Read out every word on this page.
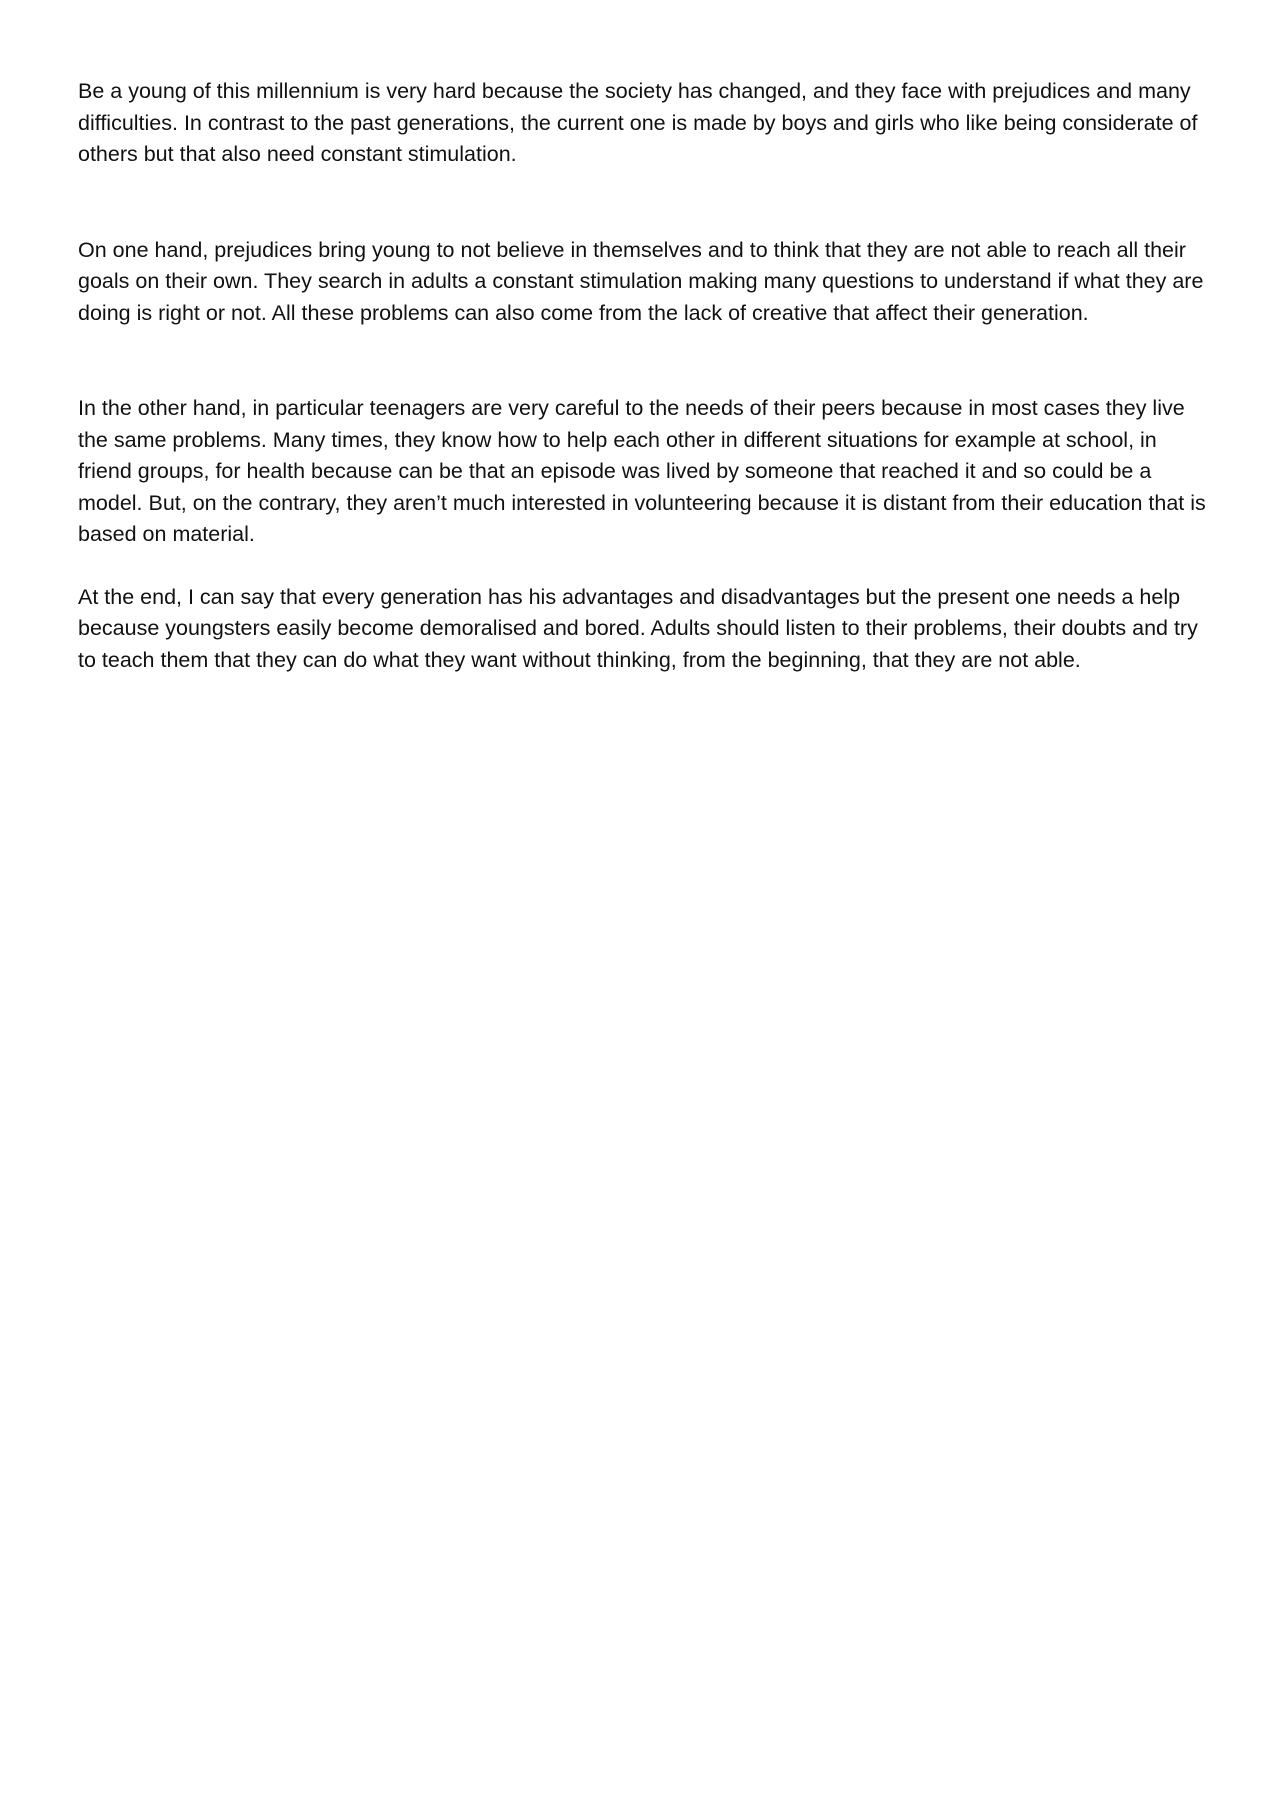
Be a young of this millennium is very hard because the society has changed, and they face with prejudices and many difficulties. In contrast to the past generations, the current one is made by boys and girls who like being considerate of others but that also need constant stimulation.

On one hand, prejudices bring young to not believe in themselves and to think that they are not able to reach all their goals on their own. They search in adults a constant stimulation making many questions to understand if what they are doing is right or not. All these problems can also come from the lack of creative that affect their generation.

In the other hand, in particular teenagers are very careful to the needs of their peers because in most cases they live the same problems. Many times, they know how to help each other in different situations for example at school, in friend groups, for health because can be that an episode was lived by someone that reached it and so could be a model. But, on the contrary, they aren’t much interested in volunteering because it is distant from their education that is based on material.

At the end, I can say that every generation has his advantages and disadvantages but the present one needs a help because youngsters easily become demoralised and bored. Adults should listen to their problems, their doubts and try to teach them that they can do what they want without thinking, from the beginning, that they are not able.
